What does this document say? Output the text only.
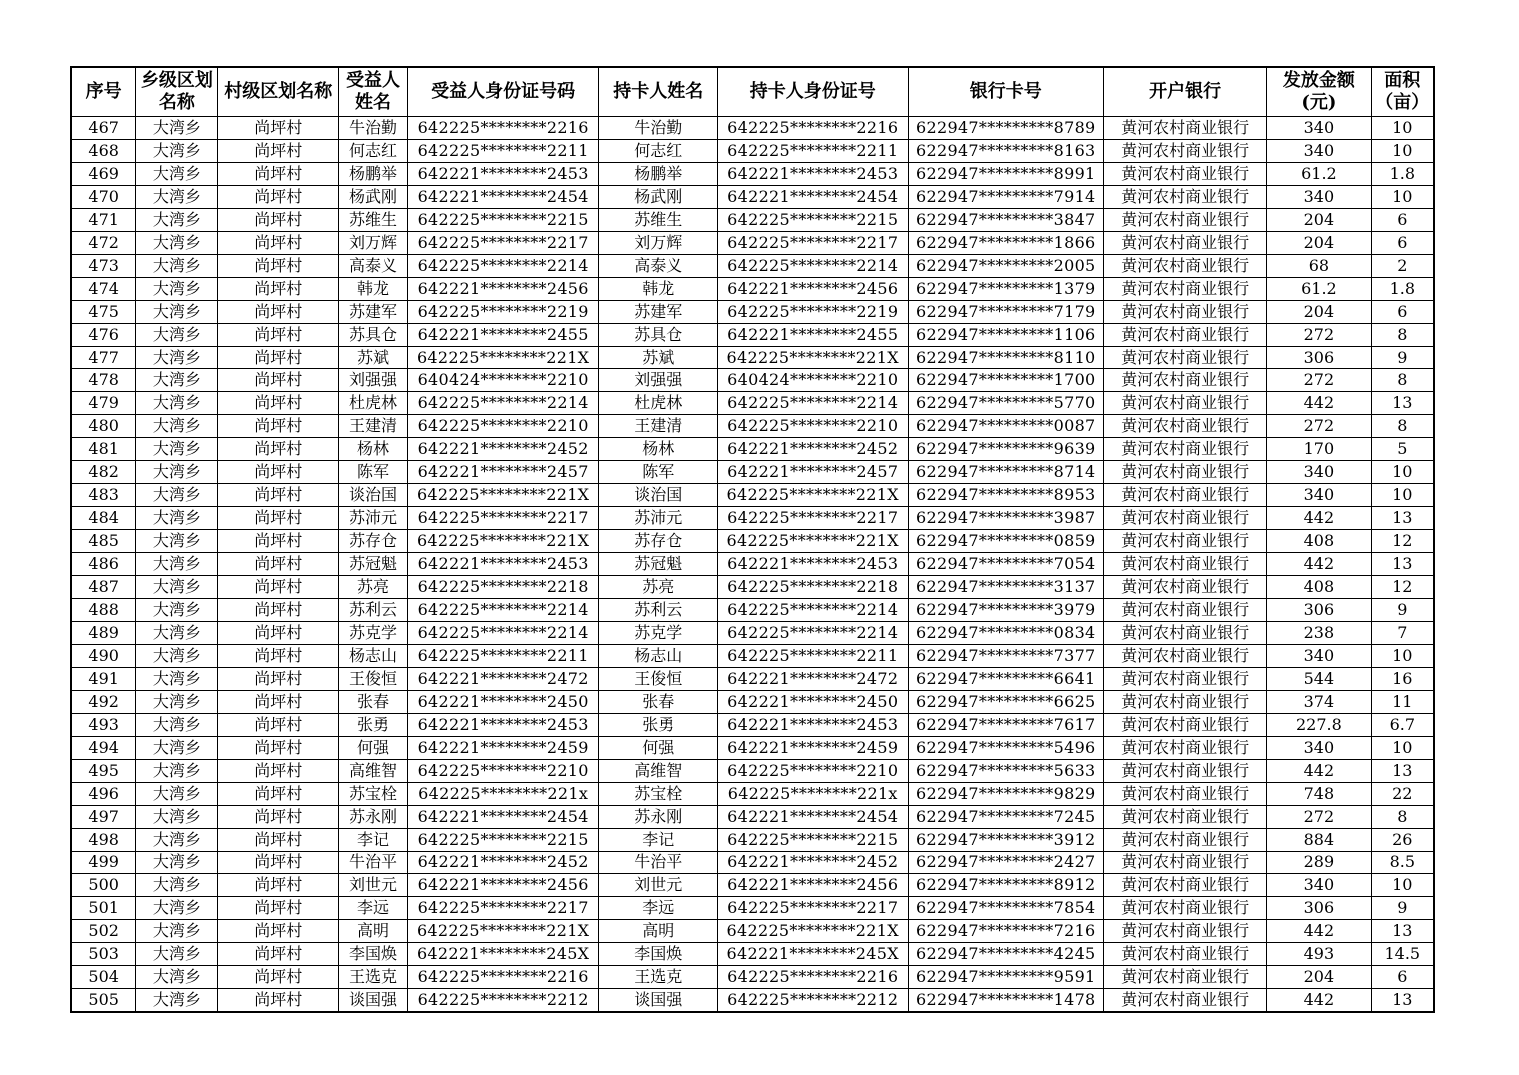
序号	乡级区划名称	村级区划名称	受益人姓名	受益人身份证号码	持卡人姓名	持卡人身份证号	银行卡号	开户银行	发放金额(元)	面积（亩）
467	大湾乡	尚坪村	牛治勤	642225********2216	牛治勤	642225********2216	622947*********8789	黄河农村商业银行	340	10
468	大湾乡	尚坪村	何志红	642225********2211	何志红	642225********2211	622947*********8163	黄河农村商业银行	340	10
469	大湾乡	尚坪村	杨鹏举	642221********2453	杨鹏举	642221********2453	622947*********8991	黄河农村商业银行	61.2	1.8
470	大湾乡	尚坪村	杨武刚	642221********2454	杨武刚	642221********2454	622947*********7914	黄河农村商业银行	340	10
471	大湾乡	尚坪村	苏维生	642225********2215	苏维生	642225********2215	622947*********3847	黄河农村商业银行	204	6
472	大湾乡	尚坪村	刘万辉	642225********2217	刘万辉	642225********2217	622947*********1866	黄河农村商业银行	204	6
473	大湾乡	尚坪村	高泰义	642225********2214	高泰义	642225********2214	622947*********2005	黄河农村商业银行	68	2
474	大湾乡	尚坪村	韩龙	642221********2456	韩龙	642221********2456	622947*********1379	黄河农村商业银行	61.2	1.8
475	大湾乡	尚坪村	苏建军	642225********2219	苏建军	642225********2219	622947*********7179	黄河农村商业银行	204	6
476	大湾乡	尚坪村	苏具仓	642221********2455	苏具仓	642221********2455	622947*********1106	黄河农村商业银行	272	8
477	大湾乡	尚坪村	苏斌	642225********221X	苏斌	642225********221X	622947*********8110	黄河农村商业银行	306	9
478	大湾乡	尚坪村	刘强强	640424********2210	刘强强	640424********2210	622947*********1700	黄河农村商业银行	272	8
479	大湾乡	尚坪村	杜虎林	642225********2214	杜虎林	642225********2214	622947*********5770	黄河农村商业银行	442	13
480	大湾乡	尚坪村	王建清	642225********2210	王建清	642225********2210	622947*********0087	黄河农村商业银行	272	8
481	大湾乡	尚坪村	杨林	642221********2452	杨林	642221********2452	622947*********9639	黄河农村商业银行	170	5
482	大湾乡	尚坪村	陈军	642221********2457	陈军	642221********2457	622947*********8714	黄河农村商业银行	340	10
483	大湾乡	尚坪村	谈治国	642225********221X	谈治国	642225********221X	622947*********8953	黄河农村商业银行	340	10
484	大湾乡	尚坪村	苏沛元	642225********2217	苏沛元	642225********2217	622947*********3987	黄河农村商业银行	442	13
485	大湾乡	尚坪村	苏存仓	642225********221X	苏存仓	642225********221X	622947*********0859	黄河农村商业银行	408	12
486	大湾乡	尚坪村	苏冠魁	642221********2453	苏冠魁	642221********2453	622947*********7054	黄河农村商业银行	442	13
487	大湾乡	尚坪村	苏亮	642225********2218	苏亮	642225********2218	622947*********3137	黄河农村商业银行	408	12
488	大湾乡	尚坪村	苏利云	642225********2214	苏利云	642225********2214	622947*********3979	黄河农村商业银行	306	9
489	大湾乡	尚坪村	苏克学	642225********2214	苏克学	642225********2214	622947*********0834	黄河农村商业银行	238	7
490	大湾乡	尚坪村	杨志山	642225********2211	杨志山	642225********2211	622947*********7377	黄河农村商业银行	340	10
491	大湾乡	尚坪村	王俊恒	642221********2472	王俊恒	642221********2472	622947*********6641	黄河农村商业银行	544	16
492	大湾乡	尚坪村	张春	642221********2450	张春	642221********2450	622947*********6625	黄河农村商业银行	374	11
493	大湾乡	尚坪村	张勇	642221********2453	张勇	642221********2453	622947*********7617	黄河农村商业银行	227.8	6.7
494	大湾乡	尚坪村	何强	642221********2459	何强	642221********2459	622947*********5496	黄河农村商业银行	340	10
495	大湾乡	尚坪村	高维智	642225********2210	高维智	642225********2210	622947*********5633	黄河农村商业银行	442	13
496	大湾乡	尚坪村	苏宝栓	642225********221x	苏宝栓	642225********221x	622947*********9829	黄河农村商业银行	748	22
497	大湾乡	尚坪村	苏永刚	642221********2454	苏永刚	642221********2454	622947*********7245	黄河农村商业银行	272	8
498	大湾乡	尚坪村	李记	642225********2215	李记	642225********2215	622947*********3912	黄河农村商业银行	884	26
499	大湾乡	尚坪村	牛治平	642221********2452	牛治平	642221********2452	622947*********2427	黄河农村商业银行	289	8.5
500	大湾乡	尚坪村	刘世元	642221********2456	刘世元	642221********2456	622947*********8912	黄河农村商业银行	340	10
501	大湾乡	尚坪村	李远	642225********2217	李远	642225********2217	622947*********7854	黄河农村商业银行	306	9
502	大湾乡	尚坪村	高明	642225********221X	高明	642225********221X	622947*********7216	黄河农村商业银行	442	13
503	大湾乡	尚坪村	李国焕	642221********245X	李国焕	642221********245X	622947*********4245	黄河农村商业银行	493	14.5
504	大湾乡	尚坪村	王选克	642225********2216	王选克	642225********2216	622947*********9591	黄河农村商业银行	204	6
505	大湾乡	尚坪村	谈国强	642225********2212	谈国强	642225********2212	622947*********1478	黄河农村商业银行	442	13
